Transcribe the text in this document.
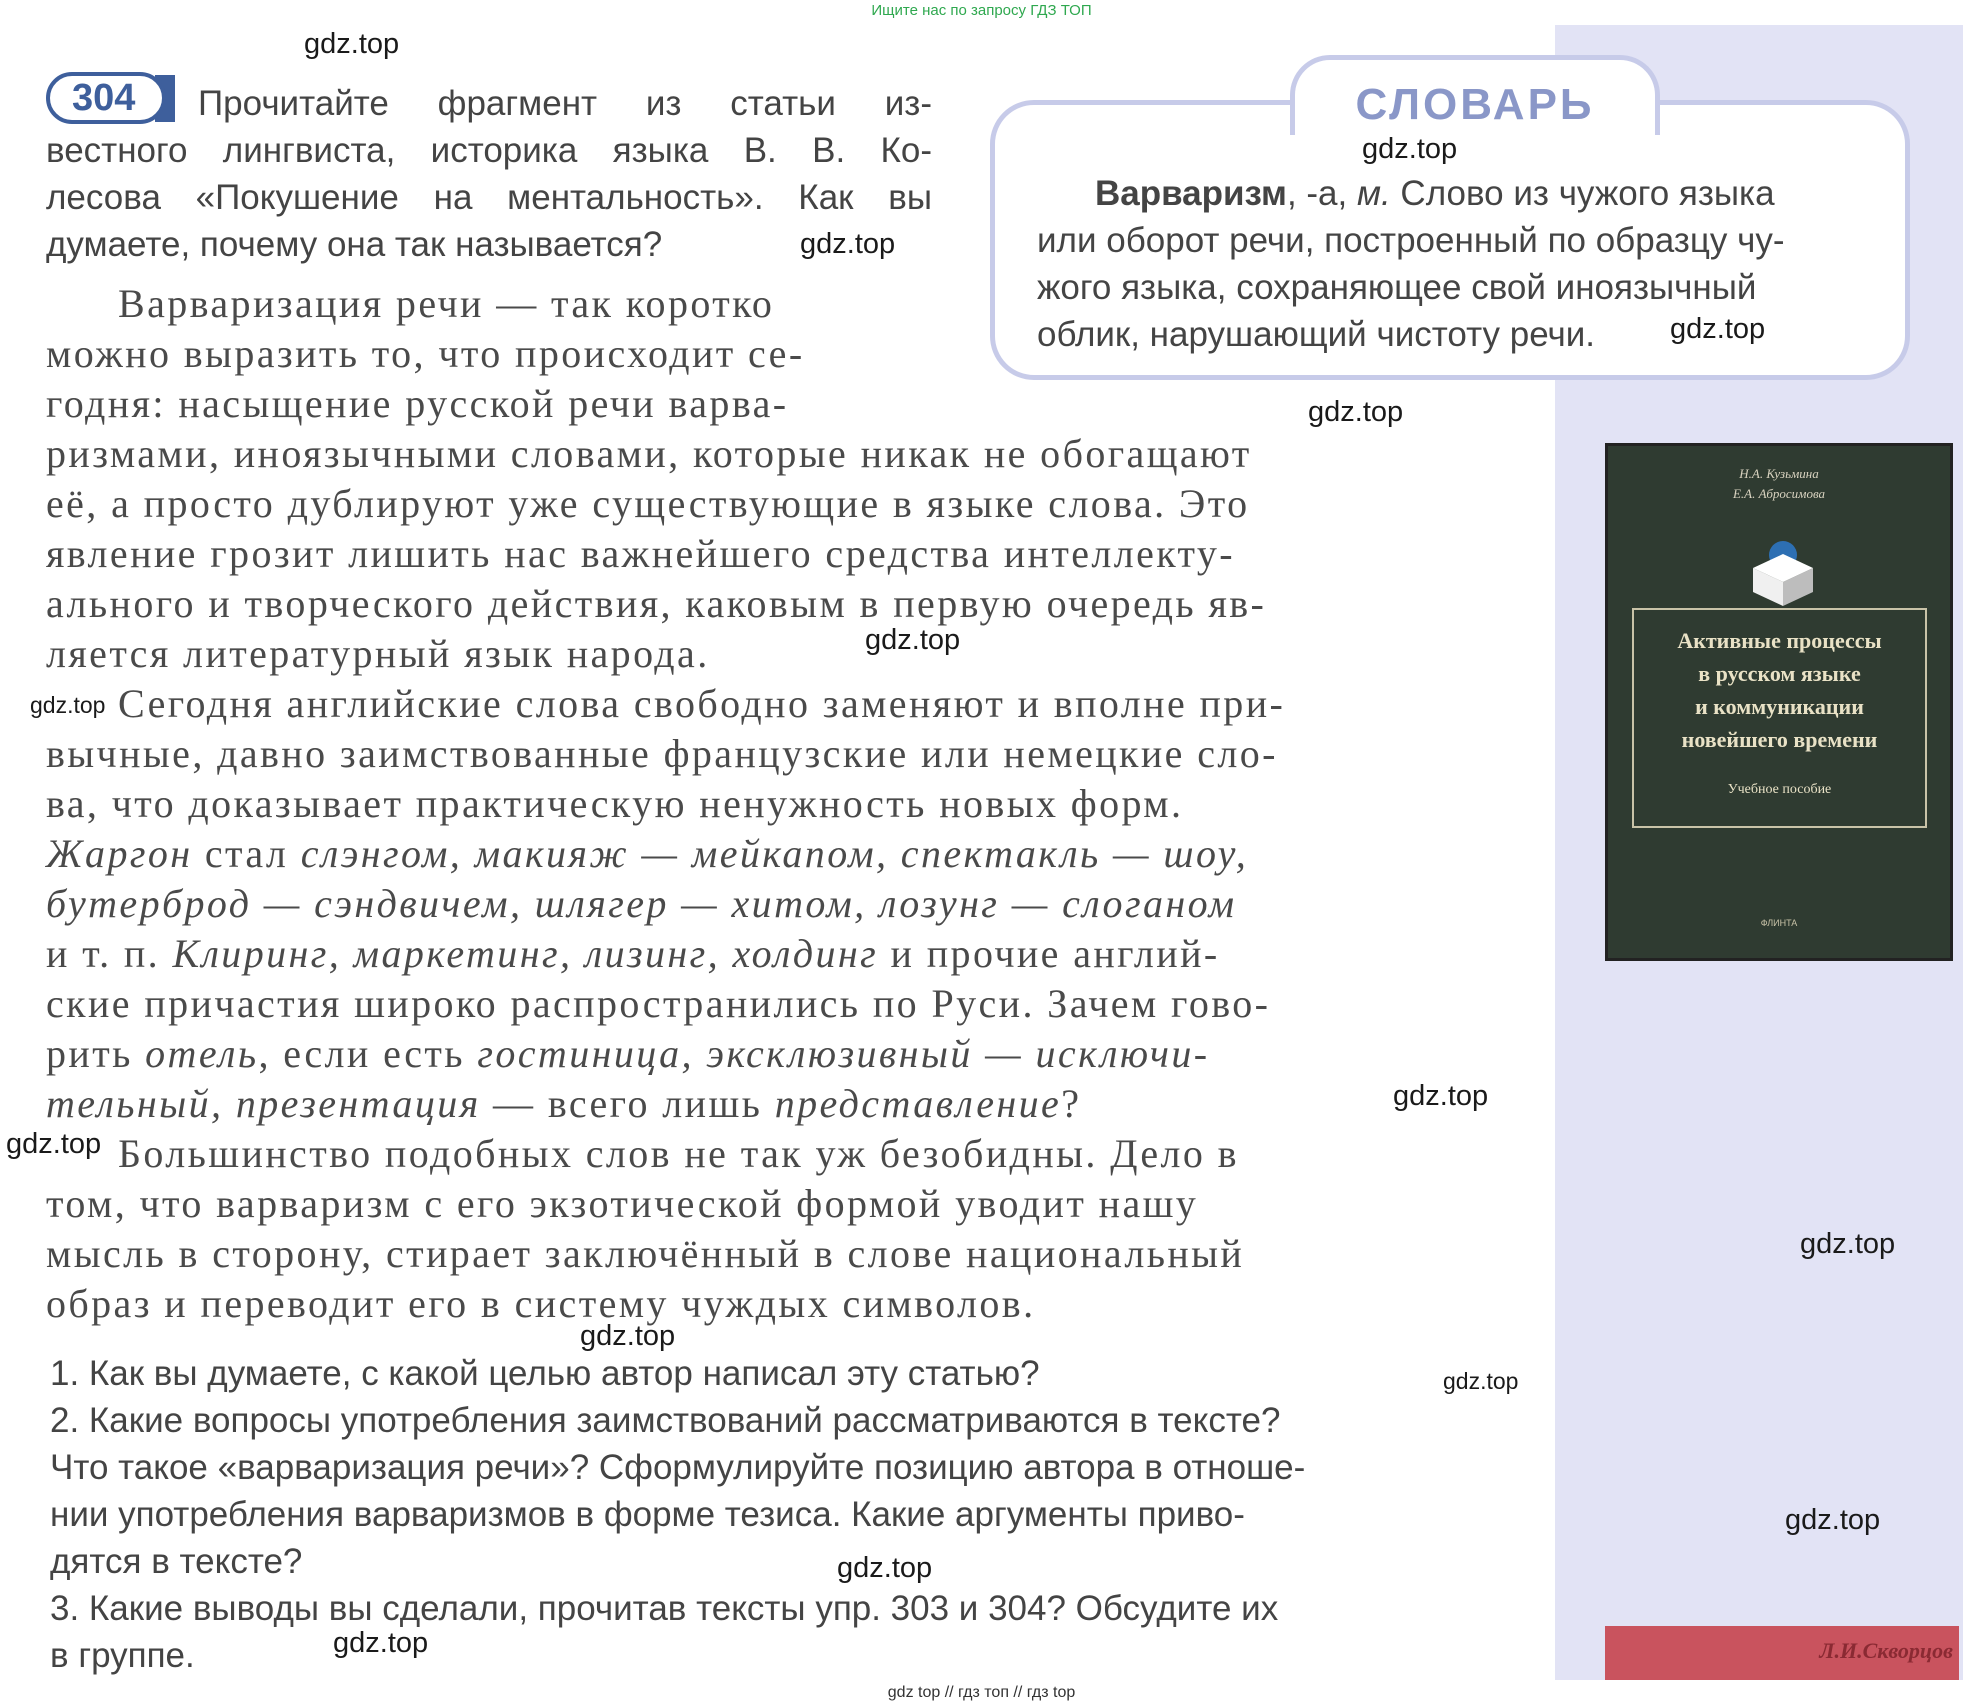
Ищите нас по запросу ГДЗ ТОП
gdz top // гдз топ // гдз top
304	Прочитайте фрагмент из статьи из-
вестного лингвиста, историка языка В. В. Ко-
лесова «Покушение на ментальность». Как вы
думаете, почему она так называется?
СЛОВАРЬ
Варваризм, -а, м. Слово из чужого языка
или оборот речи, построенный по образцу чу-
жого языка, сохраняющее свой иноязычный
облик, нарушающий чистоту речи.
Варваризация речи — так коротко
можно выразить то, что происходит се-
годня: насыщение русской речи варва-
ризмами, иноязычными словами, которые никак не обогащают
её, а просто дублируют уже существующие в языке слова. Это
явление грозит лишить нас важнейшего средства интеллекту-
ального и творческого действия, каковым в первую очередь яв-
ляется литературный язык народа.
Сегодня английские слова свободно заменяют и вполне при-
вычные, давно заимствованные французские или немецкие сло-
ва, что доказывает практическую ненужность новых форм.
Жаргон стал слэнгом, макияж — мейкапом, спектакль — шоу,
бутерброд — сэндвичем, шлягер — хитом, лозунг — слоганом
и т. п. Клиринг, маркетинг, лизинг, холдинг и прочие англий-
ские причастия широко распространились по Руси. Зачем гово-
рить отель, если есть гостиница, эксклюзивный — исключи-
тельный, презентация — всего лишь представление?
Большинство подобных слов не так уж безобидны. Дело в
том, что варваризм с его экзотической формой уводит нашу
мысль в сторону, стирает заключённый в слове национальный
образ и переводит его в систему чуждых символов.
1. Как вы думаете, с какой целью автор написал эту статью?
2. Какие вопросы употребления заимствований рассматриваются в тексте?
Что такое «варваризация речи»? Сформулируйте позицию автора в отноше-
нии употребления варваризмов в форме тезиса. Какие аргументы приво-
дятся в тексте?
3. Какие выводы вы сделали, прочитав тексты упр. 303 и 304? Обсудите их
в группе.
Н.А. Кузьмина
Е.А. Абросимова
Активные процессы
в русском языке
и коммуникации
новейшего времени
Учебное пособие
ФЛИНТА
Л.И.Скворцов
gdz.top
gdz.top
gdz.top
gdz.top
gdz.top
gdz.top
gdz.top
gdz.top
gdz.top
gdz.top
gdz.top
gdz.top
gdz.top
gdz.top
gdz.top
